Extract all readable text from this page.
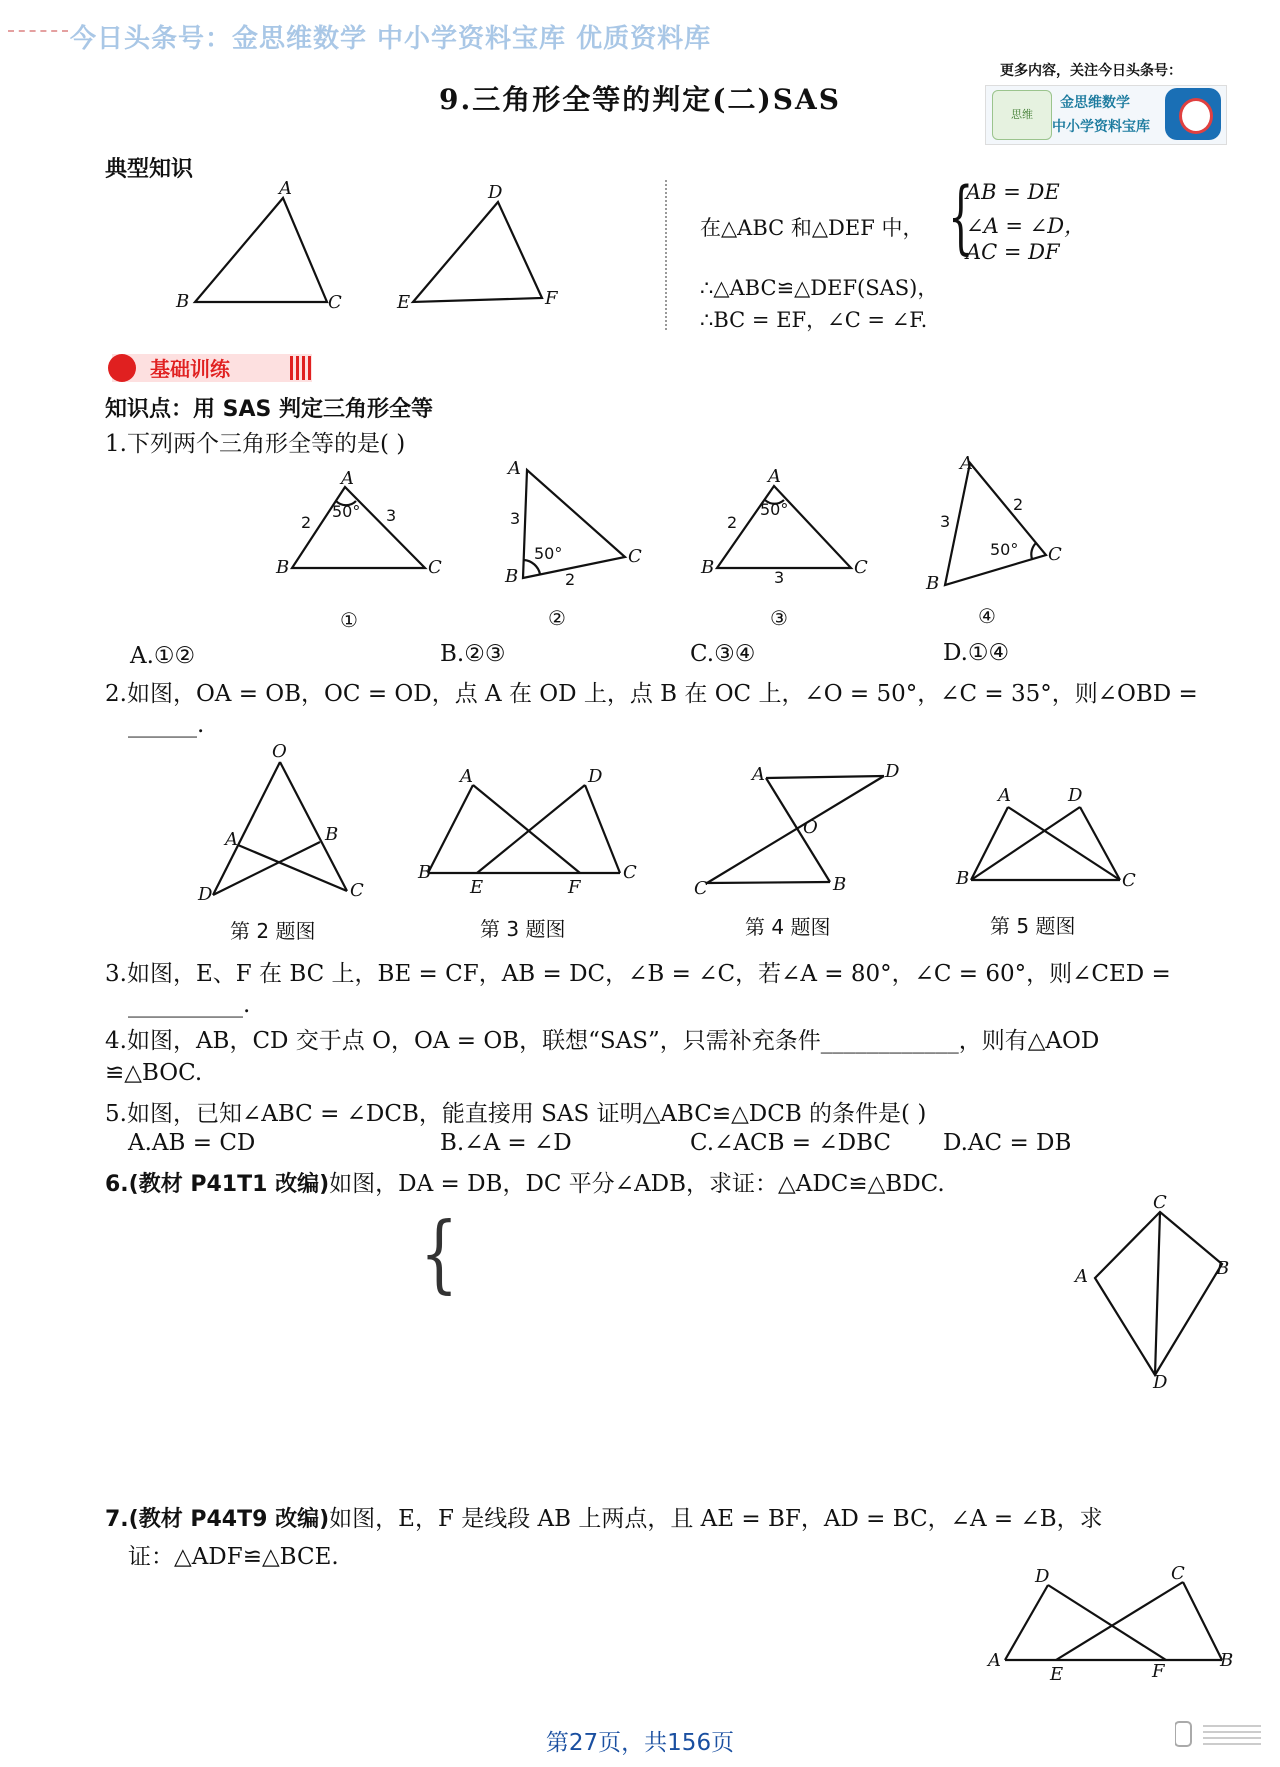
今日头条号：金思维数学 中小学资料宝库 优质资料库
9.三角形全等的判定(二)SAS
更多内容，关注今日头条号：
思维
金思维数学
中小学资料宝库
典型知识
在△ABC 和△DEF 中， {
AB = DE
∠A = ∠D，
AC = DF
∴△ABC≌△DEF(SAS)，
∴BC = EF，∠C = ∠F.
基础训练
知识点：用 SAS 判定三角形全等
1.下列两个三角形全等的是( )
①	②	③	④
A.①②	B.②③	C.③④	D.①④
2.如图，OA = OB，OC = OD，点 A 在 OD 上，点 B 在 OC 上，∠O = 50°，∠C = 35°，则∠OBD =
______.
第 2 题图	第 3 题图	第 4 题图	第 5 题图
3.如图，E、F 在 BC 上，BE = CF，AB = DC，∠B = ∠C，若∠A = 80°，∠C = 60°，则∠CED =
__________.
4.如图，AB，CD 交于点 O，OA = OB，联想“SAS”，只需补充条件____________，则有△AOD
≌△BOC.
5.如图，已知∠ABC = ∠DCB，能直接用 SAS 证明△ABC≌△DCB 的条件是( )
A.AB = CD	B.∠A = ∠D	C.∠ACB = ∠DBC D.AC = DB
6.(教材 P41T1 改编)如图，DA = DB，DC 平分∠ADB，求证：△ADC≌△BDC.
{
7.(教材 P44T9 改编)如图，E，F 是线段 AB 上两点，且 AE = BF，AD = BC，∠A = ∠B，求
证：△ADF≌△BCE.
第27页，共156页
A
B	C
D
E	F
A
B	C
50°
2	3
A
B
C
3
50°
2
A
B	C
50°
2
3
A
B
C
3
2
50°
O
A	B
D	C
A	D
B	C
E	F
A	D
O
C	B
A	D
B	C
C
A	B
D
D	C
A	B
E	F
